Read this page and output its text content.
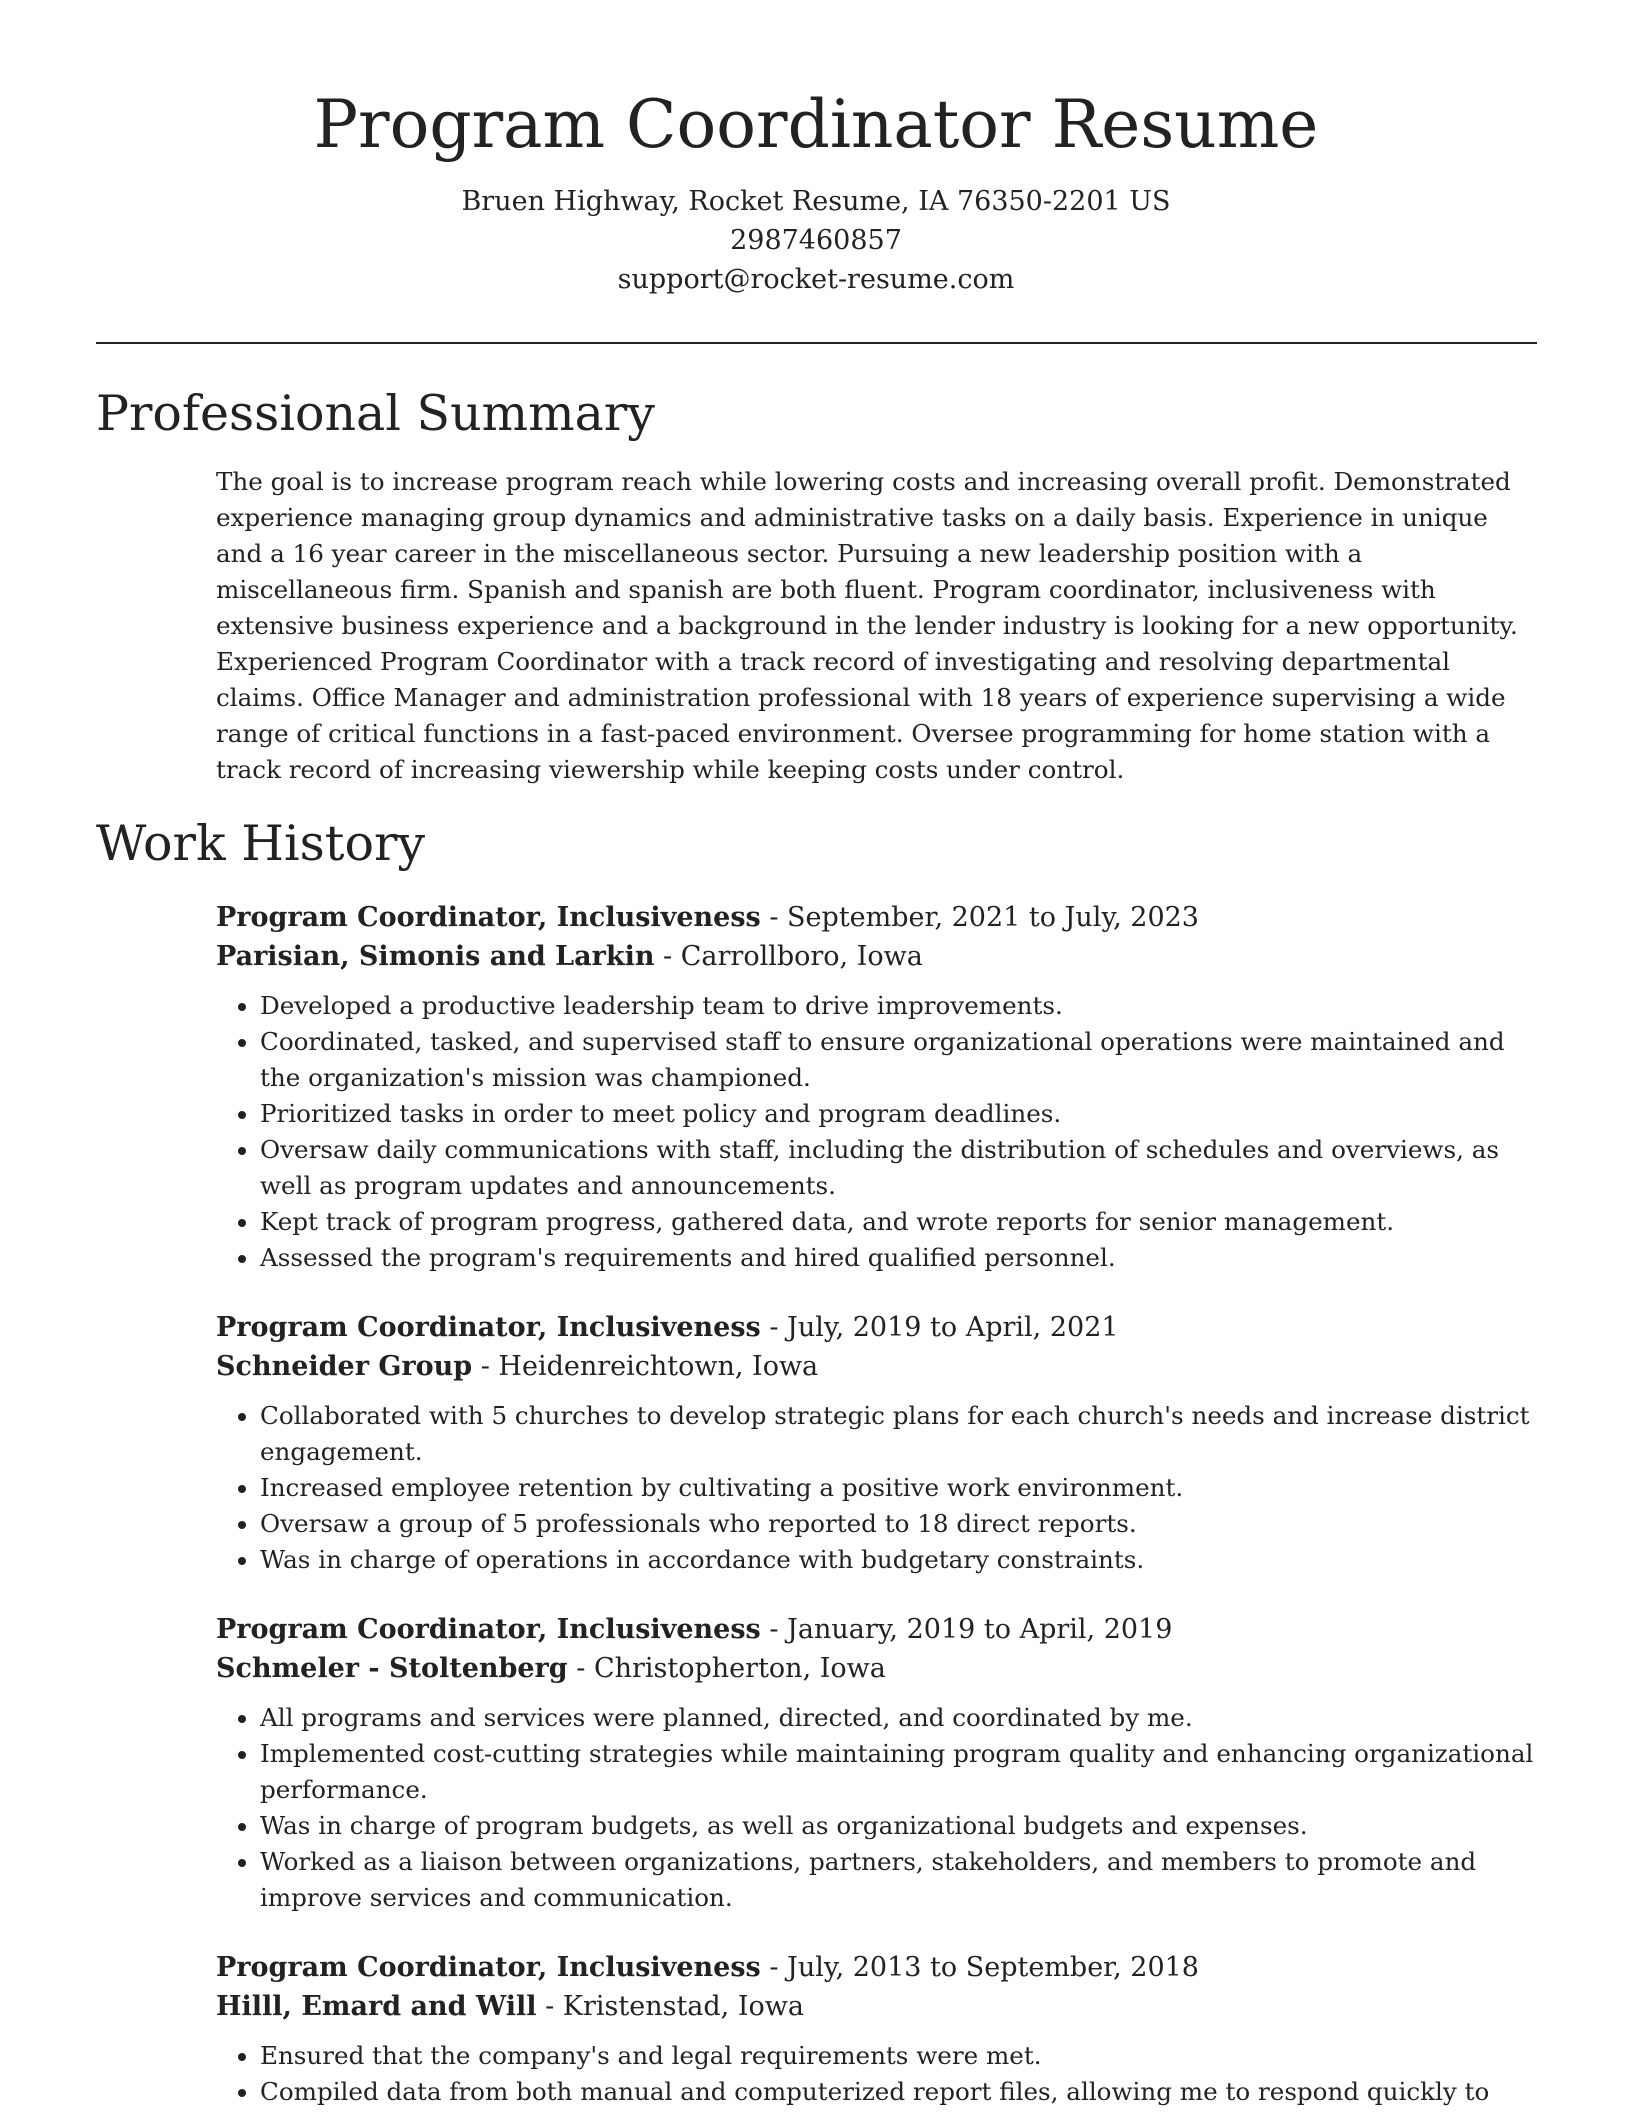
Program Coordinator Resume
Bruen Highway, Rocket Resume, IA 76350-2201 US
2987460857
support@rocket-resume.com
Professional Summary

The goal is to increase program reach while lowering costs and increasing overall profit. Demonstrated experience managing group dynamics and administrative tasks on a daily basis. Experience in unique and a 16 year career in the miscellaneous sector. Pursuing a new leadership position with a miscellaneous firm. Spanish and spanish are both fluent. Program coordinator, inclusiveness with extensive business experience and a background in the lender industry is looking for a new opportunity. Experienced Program Coordinator with a track record of investigating and resolving departmental claims. Office Manager and administration professional with 18 years of experience supervising a wide range of critical functions in a fast-paced environment. Oversee programming for home station with a track record of increasing viewership while keeping costs under control.

Work History
Program Coordinator, Inclusiveness - September, 2021 to July, 2023
Parisian, Simonis and Larkin - Carrollboro, Iowa
• Developed a productive leadership team to drive improvements.
• Coordinated, tasked, and supervised staff to ensure organizational operations were maintained and the organization's mission was championed.
• Prioritized tasks in order to meet policy and program deadlines.
• Oversaw daily communications with staff, including the distribution of schedules and overviews, as well as program updates and announcements.
• Kept track of program progress, gathered data, and wrote reports for senior management.
• Assessed the program's requirements and hired qualified personnel.
Program Coordinator, Inclusiveness - July, 2019 to April, 2021
Schneider Group - Heidenreichtown, Iowa
• Collaborated with 5 churches to develop strategic plans for each church's needs and increase district engagement.
• Increased employee retention by cultivating a positive work environment.
• Oversaw a group of 5 professionals who reported to 18 direct reports.
• Was in charge of operations in accordance with budgetary constraints.
Program Coordinator, Inclusiveness - January, 2019 to April, 2019
Schmeler - Stoltenberg - Christopherton, Iowa
• All programs and services were planned, directed, and coordinated by me.
• Implemented cost-cutting strategies while maintaining program quality and enhancing organizational performance.
• Was in charge of program budgets, as well as organizational budgets and expenses.
• Worked as a liaison between organizations, partners, stakeholders, and members to promote and improve services and communication.
Program Coordinator, Inclusiveness - July, 2013 to September, 2018
Hilll, Emard and Will - Kristenstad, Iowa
• Ensured that the company's and legal requirements were met.
• Compiled data from both manual and computerized report files, allowing me to respond quickly to
